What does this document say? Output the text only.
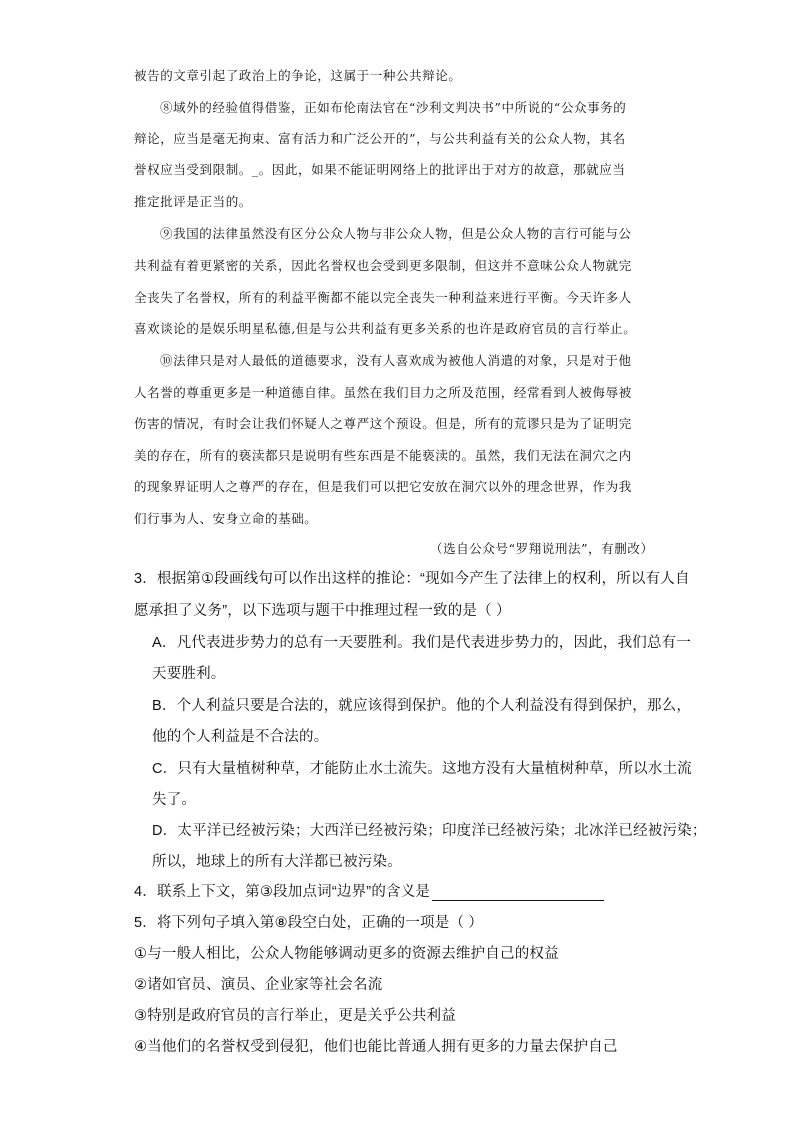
被告的文章引起了政治上的争论，这属于一种公共辩论。
⑧域外的经验值得借鉴，正如布伦南法官在“沙利文判决书”中所说的“公众事务的
辩论，应当是毫无拘束、富有活力和广泛公开的”，与公共利益有关的公众人物，其名
誉权应当受到限制。_。因此，如果不能证明网络上的批评出于对方的故意，那就应当
推定批评是正当的。
⑨我国的法律虽然没有区分公众人物与非公众人物，但是公众人物的言行可能与公
共利益有着更紧密的关系，因此名誉权也会受到更多限制，但这并不意味公众人物就完
全丧失了名誉权，所有的利益平衡都不能以完全丧失一种利益来进行平衡。今天许多人
喜欢谈论的是娱乐明星私德,但是与公共利益有更多关系的也许是政府官员的言行举止。
⑩法律只是对人最低的道德要求，没有人喜欢成为被他人消遣的对象，只是对于他
人名誉的尊重更多是一种道德自律。虽然在我们目力之所及范围，经常看到人被侮辱被
伤害的情况，有时会让我们怀疑人之尊严这个预设。但是，所有的荒谬只是为了证明完
美的存在，所有的亵渎都只是说明有些东西是不能亵渎的。虽然，我们无法在洞穴之内
的现象界证明人之尊严的存在，但是我们可以把它安放在洞穴以外的理念世界，作为我
们行事为人、安身立命的基础。
（选自公众号“罗翔说刑法”，有删改）
3．根据第①段画线句可以作出这样的推论：“现如今产生了法律上的权利，所以有人自
愿承担了义务”，以下选项与题干中推理过程一致的是（ ）
A．凡代表进步势力的总有一天要胜利。我们是代表进步势力的，因此，我们总有一
天要胜利。
B．个人利益只要是合法的，就应该得到保护。他的个人利益没有得到保护，那么，
他的个人利益是不合法的。
C．只有大量植树种草，才能防止水土流失。这地方没有大量植树种草，所以水土流
失了。
D．太平洋已经被污染；大西洋已经被污染；印度洋已经被污染；北冰洋已经被污染；
所以，地球上的所有大洋都已被污染。
4．联系上下文，第③段加点词“边界”的含义是
5．将下列句子填入第⑧段空白处，正确的一项是（ ）
①与一般人相比，公众人物能够调动更多的资源去维护自己的权益
②诸如官员、演员、企业家等社会名流
③特别是政府官员的言行举止，更是关乎公共利益
④当他们的名誉权受到侵犯，他们也能比普通人拥有更多的力量去保护自己
